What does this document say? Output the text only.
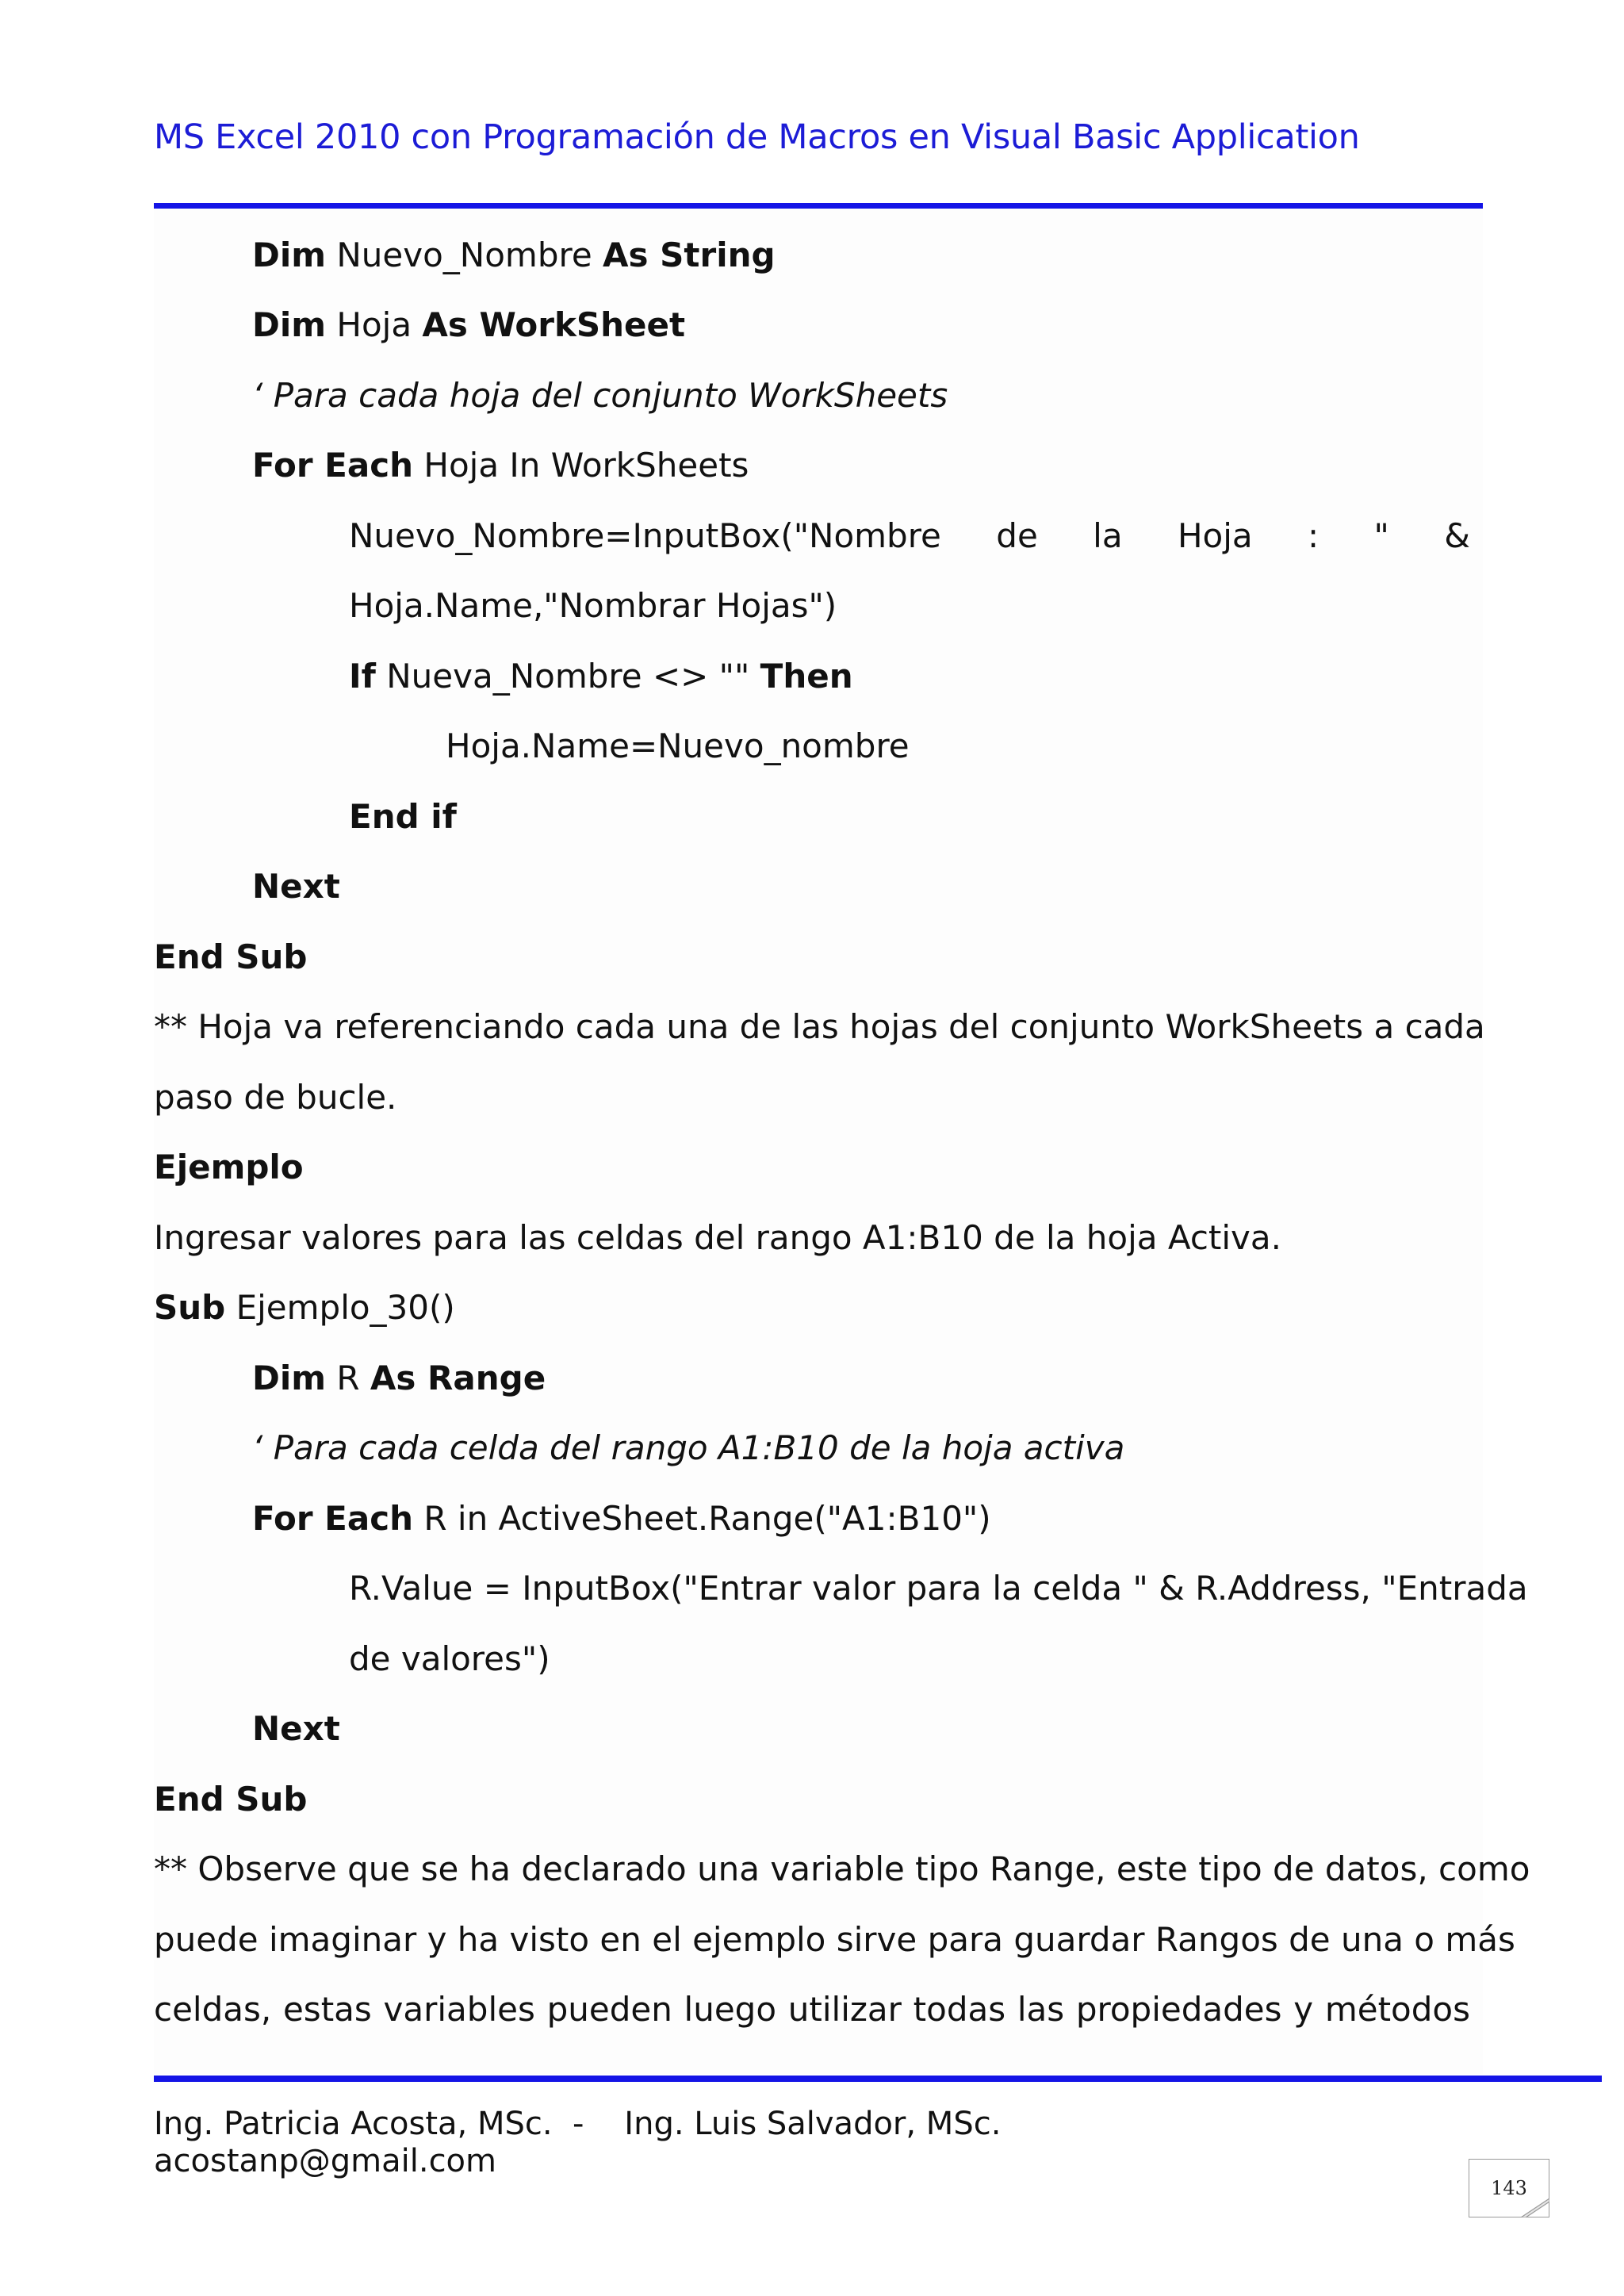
MS Excel 2010 con Programación de Macros en Visual Basic Application
Dim Nuevo_Nombre As String
Dim Hoja As WorkSheet
‘ Para cada hoja del conjunto WorkSheets
For Each Hoja In WorkSheets
Nuevo_Nombre=InputBox("Nombre de la Hoja : " &
Hoja.Name,"Nombrar Hojas")
If Nueva_Nombre <> "" Then
Hoja.Name=Nuevo_nombre
End if
Next
End Sub
** Hoja va referenciando cada una de las hojas del conjunto WorkSheets a cada
paso de bucle.
Ejemplo
Ingresar valores para las celdas del rango A1:B10 de la hoja Activa.
Sub Ejemplo_30()
Dim R As Range
‘ Para cada celda del rango A1:B10 de la hoja activa
For Each R in ActiveSheet.Range("A1:B10")
R.Value = InputBox("Entrar valor para la celda " & R.Address, "Entrada
de valores")
Next
End Sub
** Observe que se ha declarado una variable tipo Range, este tipo de datos, como
puede imaginar y ha visto en el ejemplo sirve para guardar Rangos de una o más
celdas, estas variables pueden luego utilizar todas las propiedades y métodos
Ing. Patricia Acosta, MSc.  -    Ing. Luis Salvador, MSc.
acostanp@gmail.com
143
